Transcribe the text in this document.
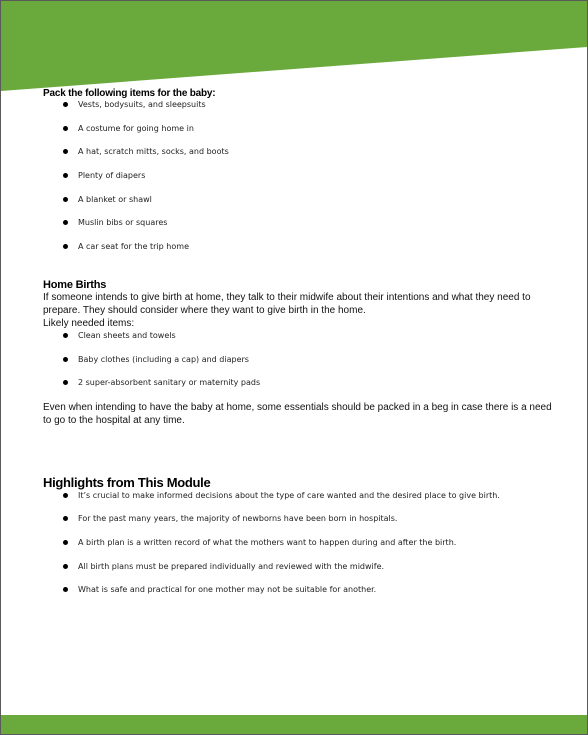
Pack the following items for the baby:
Vests, bodysuits, and sleepsuits
A costume for going home in
A hat, scratch mitts, socks, and boots
Plenty of diapers
A blanket or shawl
Muslin bibs or squares
A car seat for the trip home
Home Births

If someone intends to give birth at home, they talk to their midwife about their intentions and what they need to prepare. They should consider where they want to give birth in the home.

Likely needed items:

Clean sheets and towels
Baby clothes (including a cap) and diapers
2 super-absorbent sanitary or maternity pads

Even when intending to have the baby at home, some essentials should be packed in a beg in case there is a need to go to the hospital at any time.

Highlights from This Module
It’s crucial to make informed decisions about the type of care wanted and the desired place to give birth.
For the past many years, the majority of newborns have been born in hospitals.
A birth plan is a written record of what the mothers want to happen during and after the birth.
All birth plans must be prepared individually and reviewed with the midwife.
What is safe and practical for one mother may not be suitable for another.
